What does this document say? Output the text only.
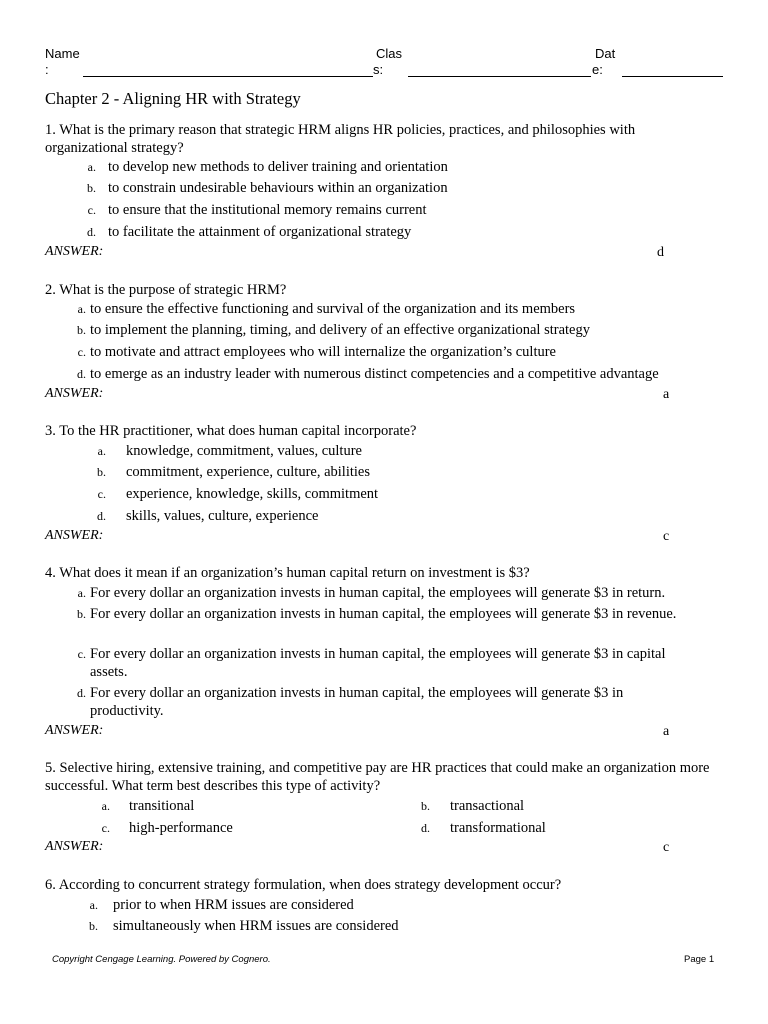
Name
:
Clas
s:
Dat
e:
Chapter 2 - Aligning HR with Strategy
1. What is the primary reason that strategic HRM aligns HR policies, practices, and philosophies with organizational strategy?
a. to develop new methods to deliver training and orientation
b. to constrain undesirable behaviours within an organization
c. to ensure that the institutional memory remains current
d. to facilitate the attainment of organizational strategy
ANSWER:	d
2. What is the purpose of strategic HRM?
a. to ensure the effective functioning and survival of the organization and its members
b. to implement the planning, timing, and delivery of an effective organizational strategy
c. to motivate and attract employees who will internalize the organization’s culture
d. to emerge as an industry leader with numerous distinct competencies and a competitive advantage
ANSWER:	a
3. To the HR practitioner, what does human capital incorporate?
a. knowledge, commitment, values, culture
b. commitment, experience, culture, abilities
c. experience, knowledge, skills, commitment
d. skills, values, culture, experience
ANSWER:	c
4. What does it mean if an organization’s human capital return on investment is $3?
a. For every dollar an organization invests in human capital, the employees will generate $3 in return.
b. For every dollar an organization invests in human capital, the employees will generate $3 in revenue.
c. For every dollar an organization invests in human capital, the employees will generate $3 in capital assets.
d. For every dollar an organization invests in human capital, the employees will generate $3 in productivity.
ANSWER:	a
5. Selective hiring, extensive training, and competitive pay are HR practices that could make an organization more successful. What term best describes this type of activity?
a. transitional	b. transactional
c. high-performance	d. transformational
ANSWER:	c
6. According to concurrent strategy formulation, when does strategy development occur?
a. prior to when HRM issues are considered
b. simultaneously when HRM issues are considered
Copyright Cengage Learning. Powered by Cognero.	Page 1
